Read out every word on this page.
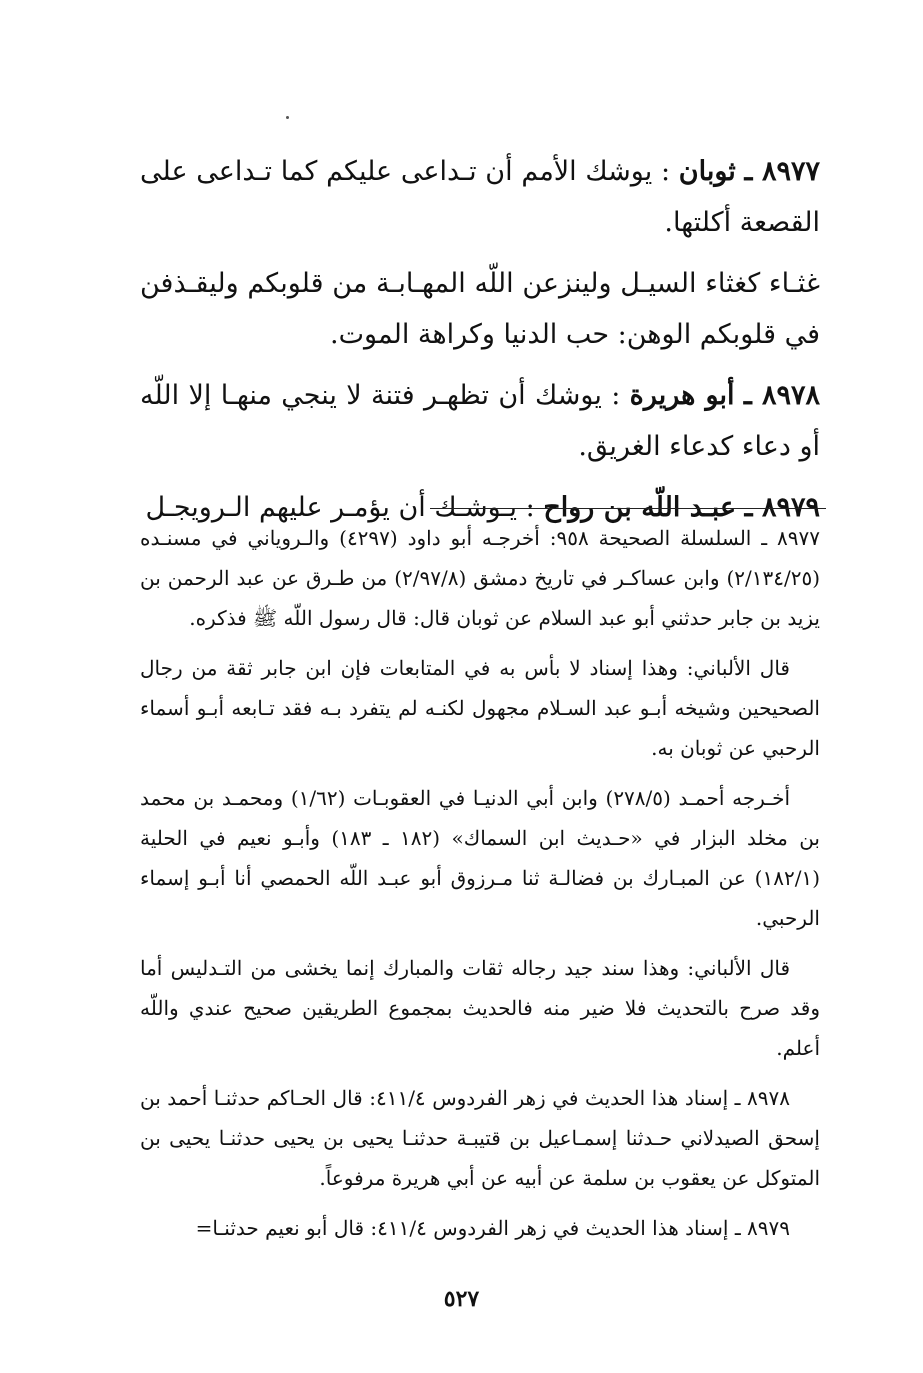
٨٩٧٧ ـ ثوبان : يوشك الأمم أن تـداعى عليكم كما تـداعى على القصعة أكلتها.

غثـاء كغثاء السيـل ولينزعن اللّه المهـابـة من قلوبكم وليقـذفن في قلوبكم الوهن: حب الدنيا وكراهة الموت.

٨٩٧٨ ـ أبو هريرة : يوشك أن تظهـر فتنة لا ينجي منهـا إلا اللّه أو دعاء كدعاء الغريق.

٨٩٧٩ ـ عبـد اللّه بن رواح : يـوشـك أن يؤمـر عليهم الـرويجـل

٨٩٧٧ ـ السلسلة الصحيحة ٩٥٨: أخرجـه أبو داود (٤٢٩٧) والـروياني في مسنـده (٢/١٣٤/٢٥) وابن عساكـر في تاريخ دمشق (٢/٩٧/٨) من طـرق عن عبد الرحمن بن يزيد بن جابر حدثني أبو عبد السلام عن ثوبان قال: قال رسول اللّه ﷺ فذكره.

قال الألباني: وهذا إسناد لا بأس به في المتابعات فإن ابن جابر ثقة من رجال الصحيحين وشيخه أبـو عبد السـلام مجهول لكنـه لم يتفرد بـه فقد تـابعه أبـو أسماء الرحبي عن ثوبان به.

أخـرجه أحمـد (٢٧٨/٥) وابن أبي الدنيـا في العقوبـات (١/٦٢) ومحمـد بن محمد بن مخلد البزار في «حـديث ابن السماك» (١٨٢ ـ ١٨٣) وأبـو نعيم في الحلية (١٨٢/١) عن المبـارك بن فضالـة ثنا مـرزوق أبو عبـد اللّه الحمصي أنا أبـو إسماء الرحبي.

قال الألباني: وهذا سند جيد رجاله ثقات والمبارك إنما يخشى من التـدليس أما وقد صرح بالتحديث فلا ضير منه فالحديث بمجموع الطريقين صحيح عندي واللّه أعلم.

٨٩٧٨ ـ إسناد هذا الحديث في زهر الفردوس ٤١١/٤: قال الحـاكم حدثنـا أحمد بن إسحق الصيدلاني حـدثنا إسمـاعيل بن قتيبـة حدثنـا يحيى بن يحيى حدثنـا يحيى بن المتوكل عن يعقوب بن سلمة عن أبيه عن أبي هريرة مرفوعاً.

٨٩٧٩ ـ إسناد هذا الحديث في زهر الفردوس ٤١١/٤: قال أبو نعيم حدثنـا=

٥٢٧
